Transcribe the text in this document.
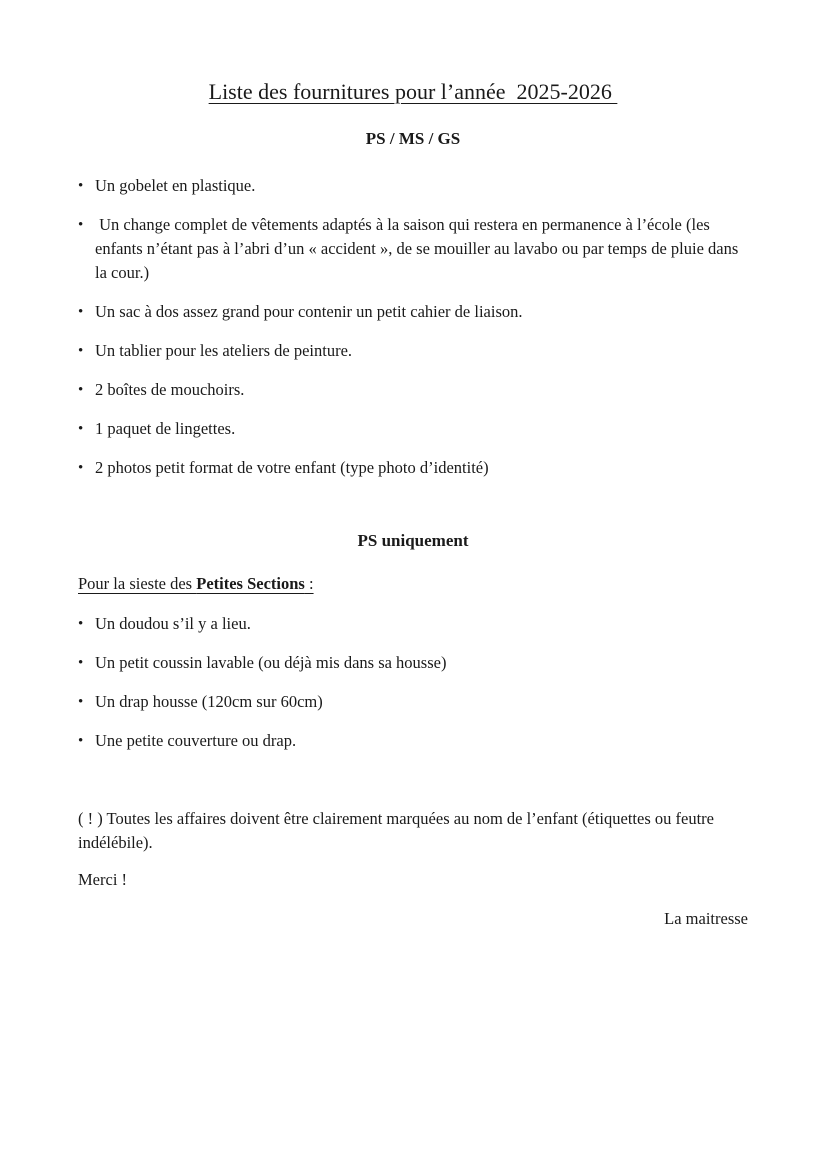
Liste des fournitures pour l’année  2025-2026
PS / MS / GS
• Un gobelet en plastique.
• Un change complet de vêtements adaptés à la saison qui restera en permanence à l’école (les enfants n’étant pas à l’abri d’un « accident », de se mouiller au lavabo ou par temps de pluie dans la cour.)
• Un sac à dos assez grand pour contenir un petit cahier de liaison.
• Un tablier pour les ateliers de peinture.
• 2 boîtes de mouchoirs.
• 1 paquet de lingettes.
• 2 photos petit format de votre enfant (type photo d’identité)
PS uniquement

Pour la sieste des Petites Sections :

• Un doudou s’il y a lieu.
• Un petit coussin lavable (ou déjà mis dans sa housse)
• Un drap housse (120cm sur 60cm)
• Une petite couverture ou drap.

( ! ) Toutes les affaires doivent être clairement marquées au nom de l’enfant (étiquettes ou feutre indélébile).

Merci !

La maitresse
